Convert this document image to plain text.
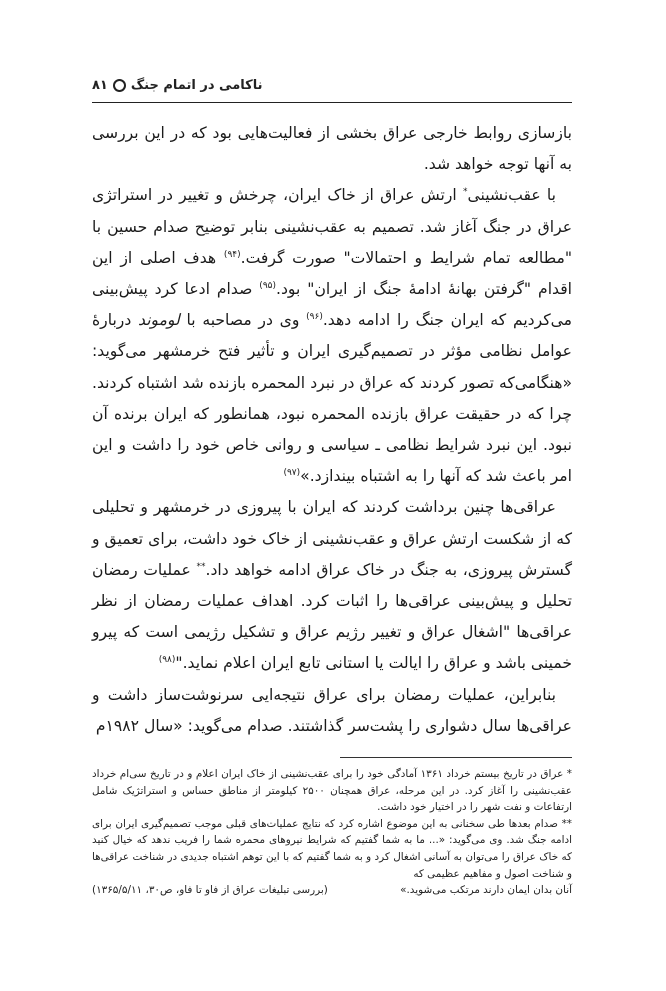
ناکامی در اتمام جنگ
۸۱

بازسازی روابط خارجی عراق بخشی از فعالیت‌هایی بود که در این بررسی به آنها توجه خواهد شد.

با عقب‌نشینی* ارتش عراق از خاک ایران، چرخش و تغییر در استراتژی عراق در جنگ آغاز شد. تصمیم به عقب‌نشینی بنابر توضیح صدام حسین با "مطالعه تمام شرایط و احتمالات" صورت گرفت.$^{(۹۴)}$ هدف اصلی از این اقدام "گرفتن بهانهٔ ادامهٔ جنگ از ایران" بود.$^{(۹۵)}$ صدام ادعا کرد پیش‌بینی می‌کردیم که ایران جنگ را ادامه دهد.$^{(۹۶)}$ وی در مصاحبه با لوموند دربارهٔ عوامل نظامی مؤثر در تصمیم‌گیری ایران و تأثیر فتح خرمشهر می‌گوید: «هنگامی‌که تصور کردند که عراق در نبرد المحمره بازنده شد اشتباه کردند. چرا که در حقیقت عراق بازنده المحمره نبود، همانطور که ایران برنده آن نبود. این نبرد شرایط نظامی ـ سیاسی و روانی خاص خود را داشت و این امر باعث شد که آنها را به اشتباه بیندازد.»$^{(۹۷)}$

عراقی‌ها چنین برداشت کردند که ایران با پیروزی در خرمشهر و تحلیلی که از شکست ارتش عراق و عقب‌نشینی از خاک خود داشت، برای تعمیق و گسترش پیروزی، به جنگ در خاک عراق ادامه خواهد داد.** عملیات رمضان تحلیل و پیش‌بینی عراقی‌ها را اثبات کرد. اهداف عملیات رمضان از نظر عراقی‌ها "اشغال عراق و تغییر رژیم عراق و تشکیل رژیمی است که پیرو خمینی باشد و عراق را ایالت یا استانی تابع ایران اعلام نماید."$^{(۹۸)}$

بنابراین، عملیات رمضان برای عراق نتیجه‌ایی سرنوشت‌ساز داشت و عراقی‌ها سال دشواری را پشت‌سر گذاشتند. صدام می‌گوید: «سال ۱۹۸۲م

* عراق در تاریخ بیستم خرداد ۱۳۶۱ آمادگی خود را برای عقب‌نشینی از خاک ایران اعلام و در تاریخ سی‌ام خرداد عقب‌نشینی را آغاز کرد. در این مرحله، عراق همچنان ۲۵۰۰ کیلومتر از مناطق حساس و استراتژیک شامل ارتفاعات و نفت شهر را در اختیار خود داشت.

** صدام بعدها طی سخنانی به این موضوع اشاره کرد که نتایج عملیات‌های قبلی موجب تصمیم‌گیری ایران برای ادامه جنگ شد. وی می‌گوید: «... ما به شما گفتیم که شرایط نیروهای محمره شما را فریب ندهد که خیال کنید که خاک عراق را می‌توان به آسانی اشغال کرد و به شما گفتیم که با این توهم اشتباه جدیدی در شناخت عراقی‌ها و شناخت اصول و مفاهیم عظیمی که

آنان بدان ایمان دارند مرتکب می‌شوید.»
(بررسی تبلیغات عراق از فاو تا فاو، ص۳۰، ۱۳۶۵/۵/۱۱)
